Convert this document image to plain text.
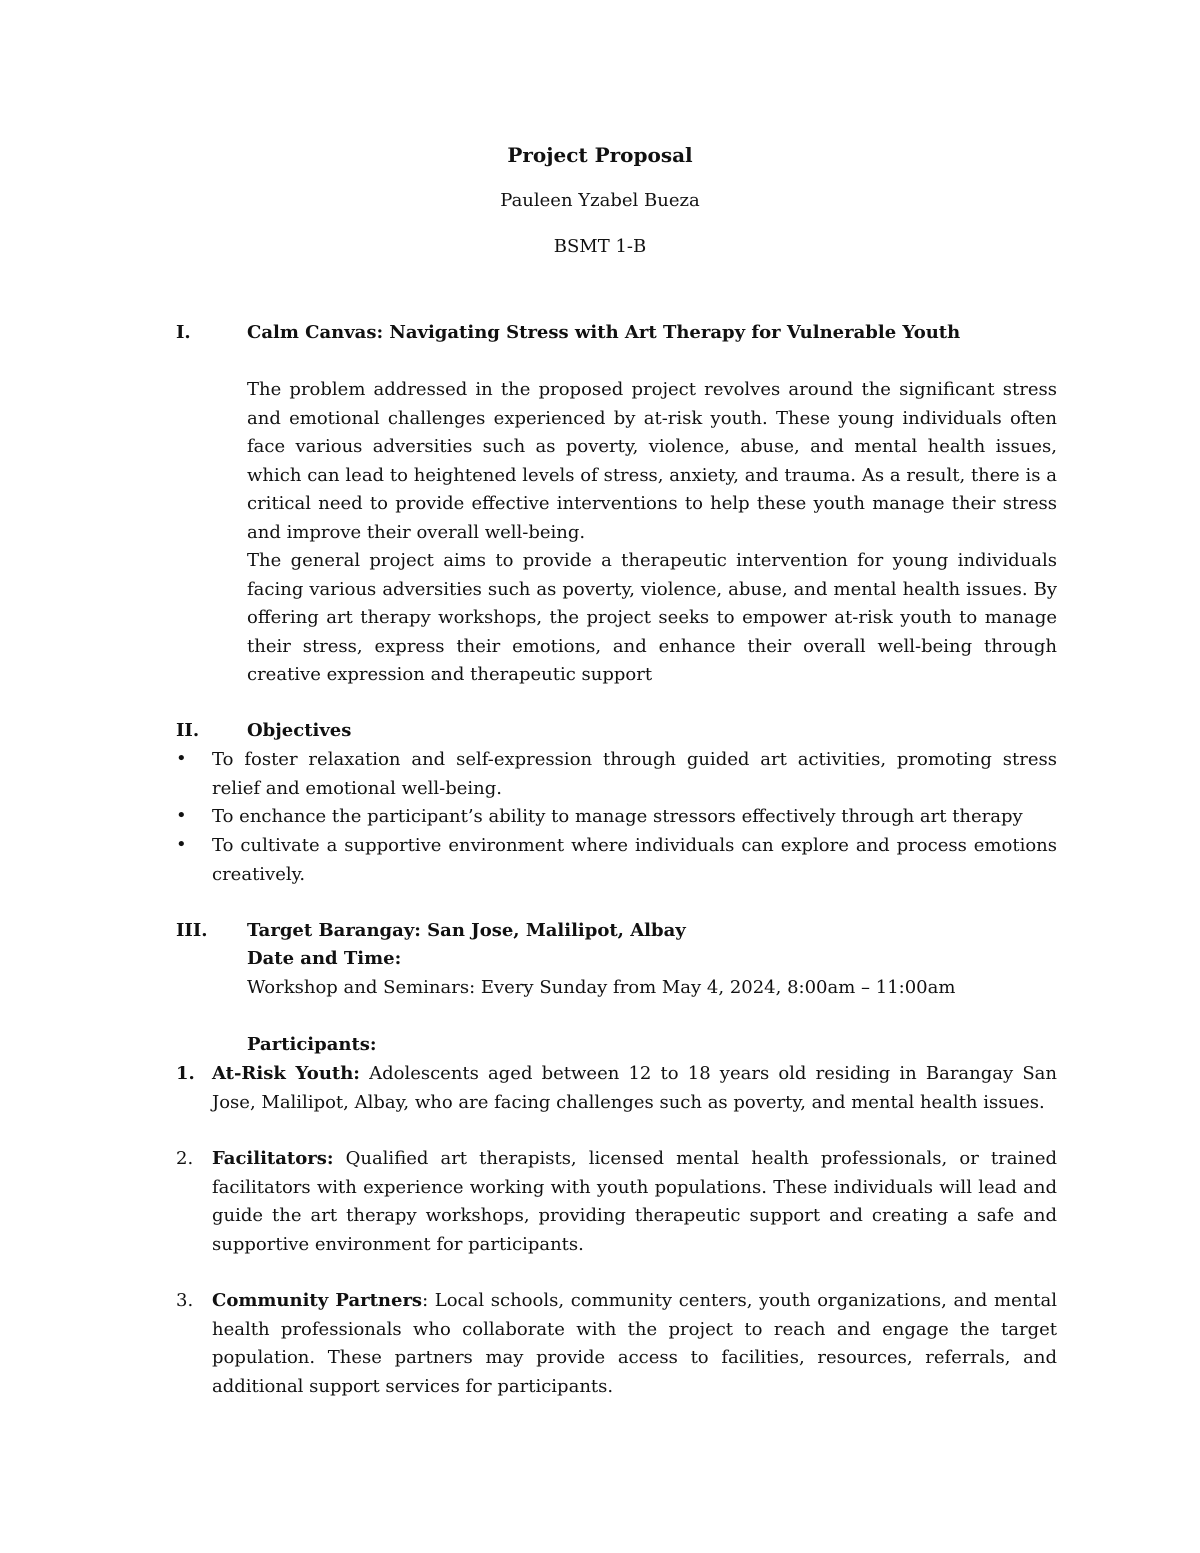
Project Proposal
Pauleen Yzabel Bueza
BSMT 1-B
I.	Calm Canvas: Navigating Stress with Art Therapy for Vulnerable Youth

The problem addressed in the proposed project revolves around the significant stress and emotional challenges experienced by at-risk youth. These young individuals often face various adversities such as poverty, violence, abuse, and mental health issues, which can lead to heightened levels of stress, anxiety, and trauma. As a result, there is a critical need to provide effective interventions to help these youth manage their stress and improve their overall well-being.

The general project aims to provide a therapeutic intervention for young individuals facing various adversities such as poverty, violence, abuse, and mental health issues. By offering art therapy workshops, the project seeks to empower at-risk youth to manage their stress, express their emotions, and enhance their overall well-being through creative expression and therapeutic support

II.	Objectives
• To foster relaxation and self-expression through guided art activities, promoting stress relief and emotional well-being.

• To enchance the participant’s ability to manage stressors effectively through art therapy

• To cultivate a supportive environment where individuals can explore and process emotions creatively.

III. Target Barangay: San Jose, Malilipot, Albay
Date and Time:
Workshop and Seminars: Every Sunday from May 4, 2024, 8:00am – 11:00am
Participants:
1. At-Risk Youth: Adolescents aged between 12 to 18 years old residing in Barangay San Jose, Malilipot, Albay, who are facing challenges such as poverty, and mental health issues.

2. Facilitators: Qualified art therapists, licensed mental health professionals, or trained facilitators with experience working with youth populations. These individuals will lead and guide the art therapy workshops, providing therapeutic support and creating a safe and supportive environment for participants.

3. Community Partners: Local schools, community centers, youth organizations, and mental health professionals who collaborate with the project to reach and engage the target population. These partners may provide access to facilities, resources, referrals, and additional support services for participants.
